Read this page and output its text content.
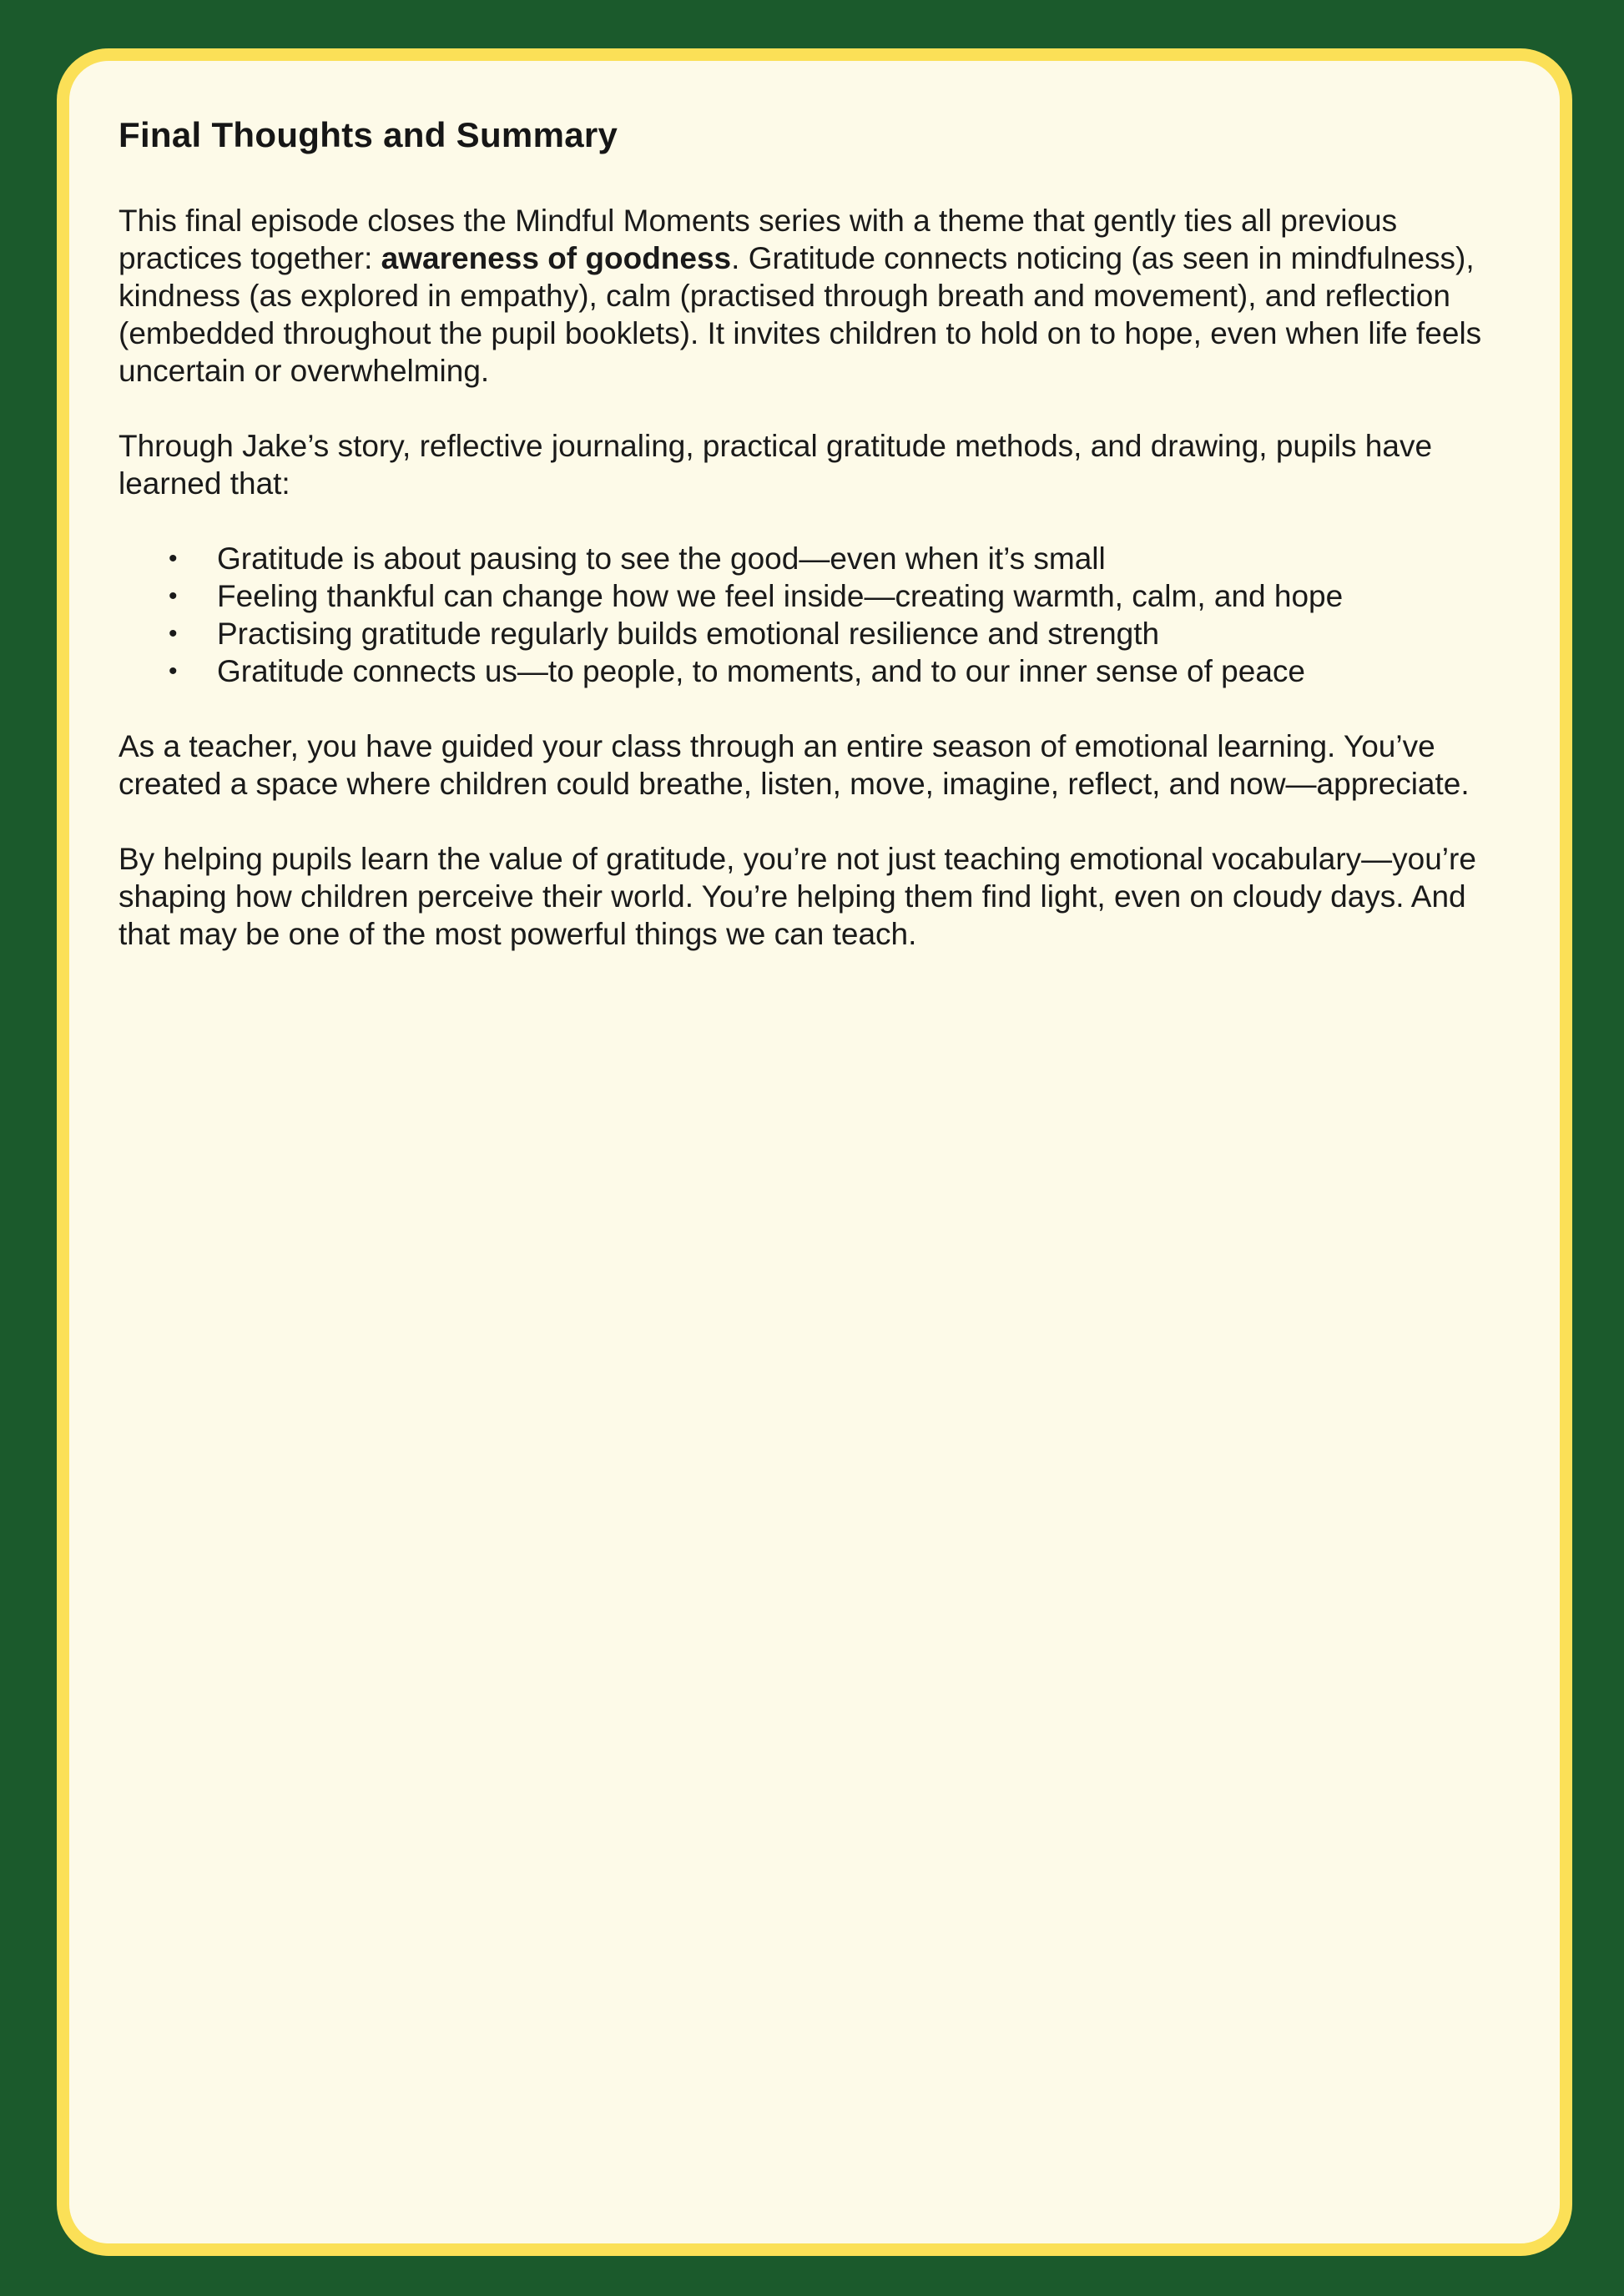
Final Thoughts and Summary

This final episode closes the Mindful Moments series with a theme that gently ties all previous practices together: awareness of goodness. Gratitude connects noticing (as seen in mindfulness), kindness (as explored in empathy), calm (practised through breath and movement), and reflection (embedded throughout the pupil booklets). It invites children to hold on to hope, even when life feels uncertain or overwhelming.

Through Jake’s story, reflective journaling, practical gratitude methods, and drawing, pupils have learned that:

• Gratitude is about pausing to see the good—even when it’s small
• Feeling thankful can change how we feel inside—creating warmth, calm, and hope
• Practising gratitude regularly builds emotional resilience and strength
• Gratitude connects us—to people, to moments, and to our inner sense of peace

As a teacher, you have guided your class through an entire season of emotional learning. You’ve created a space where children could breathe, listen, move, imagine, reflect, and now—appreciate.

By helping pupils learn the value of gratitude, you’re not just teaching emotional vocabulary—you’re shaping how children perceive their world. You’re helping them find light, even on cloudy days. And that may be one of the most powerful things we can teach.
